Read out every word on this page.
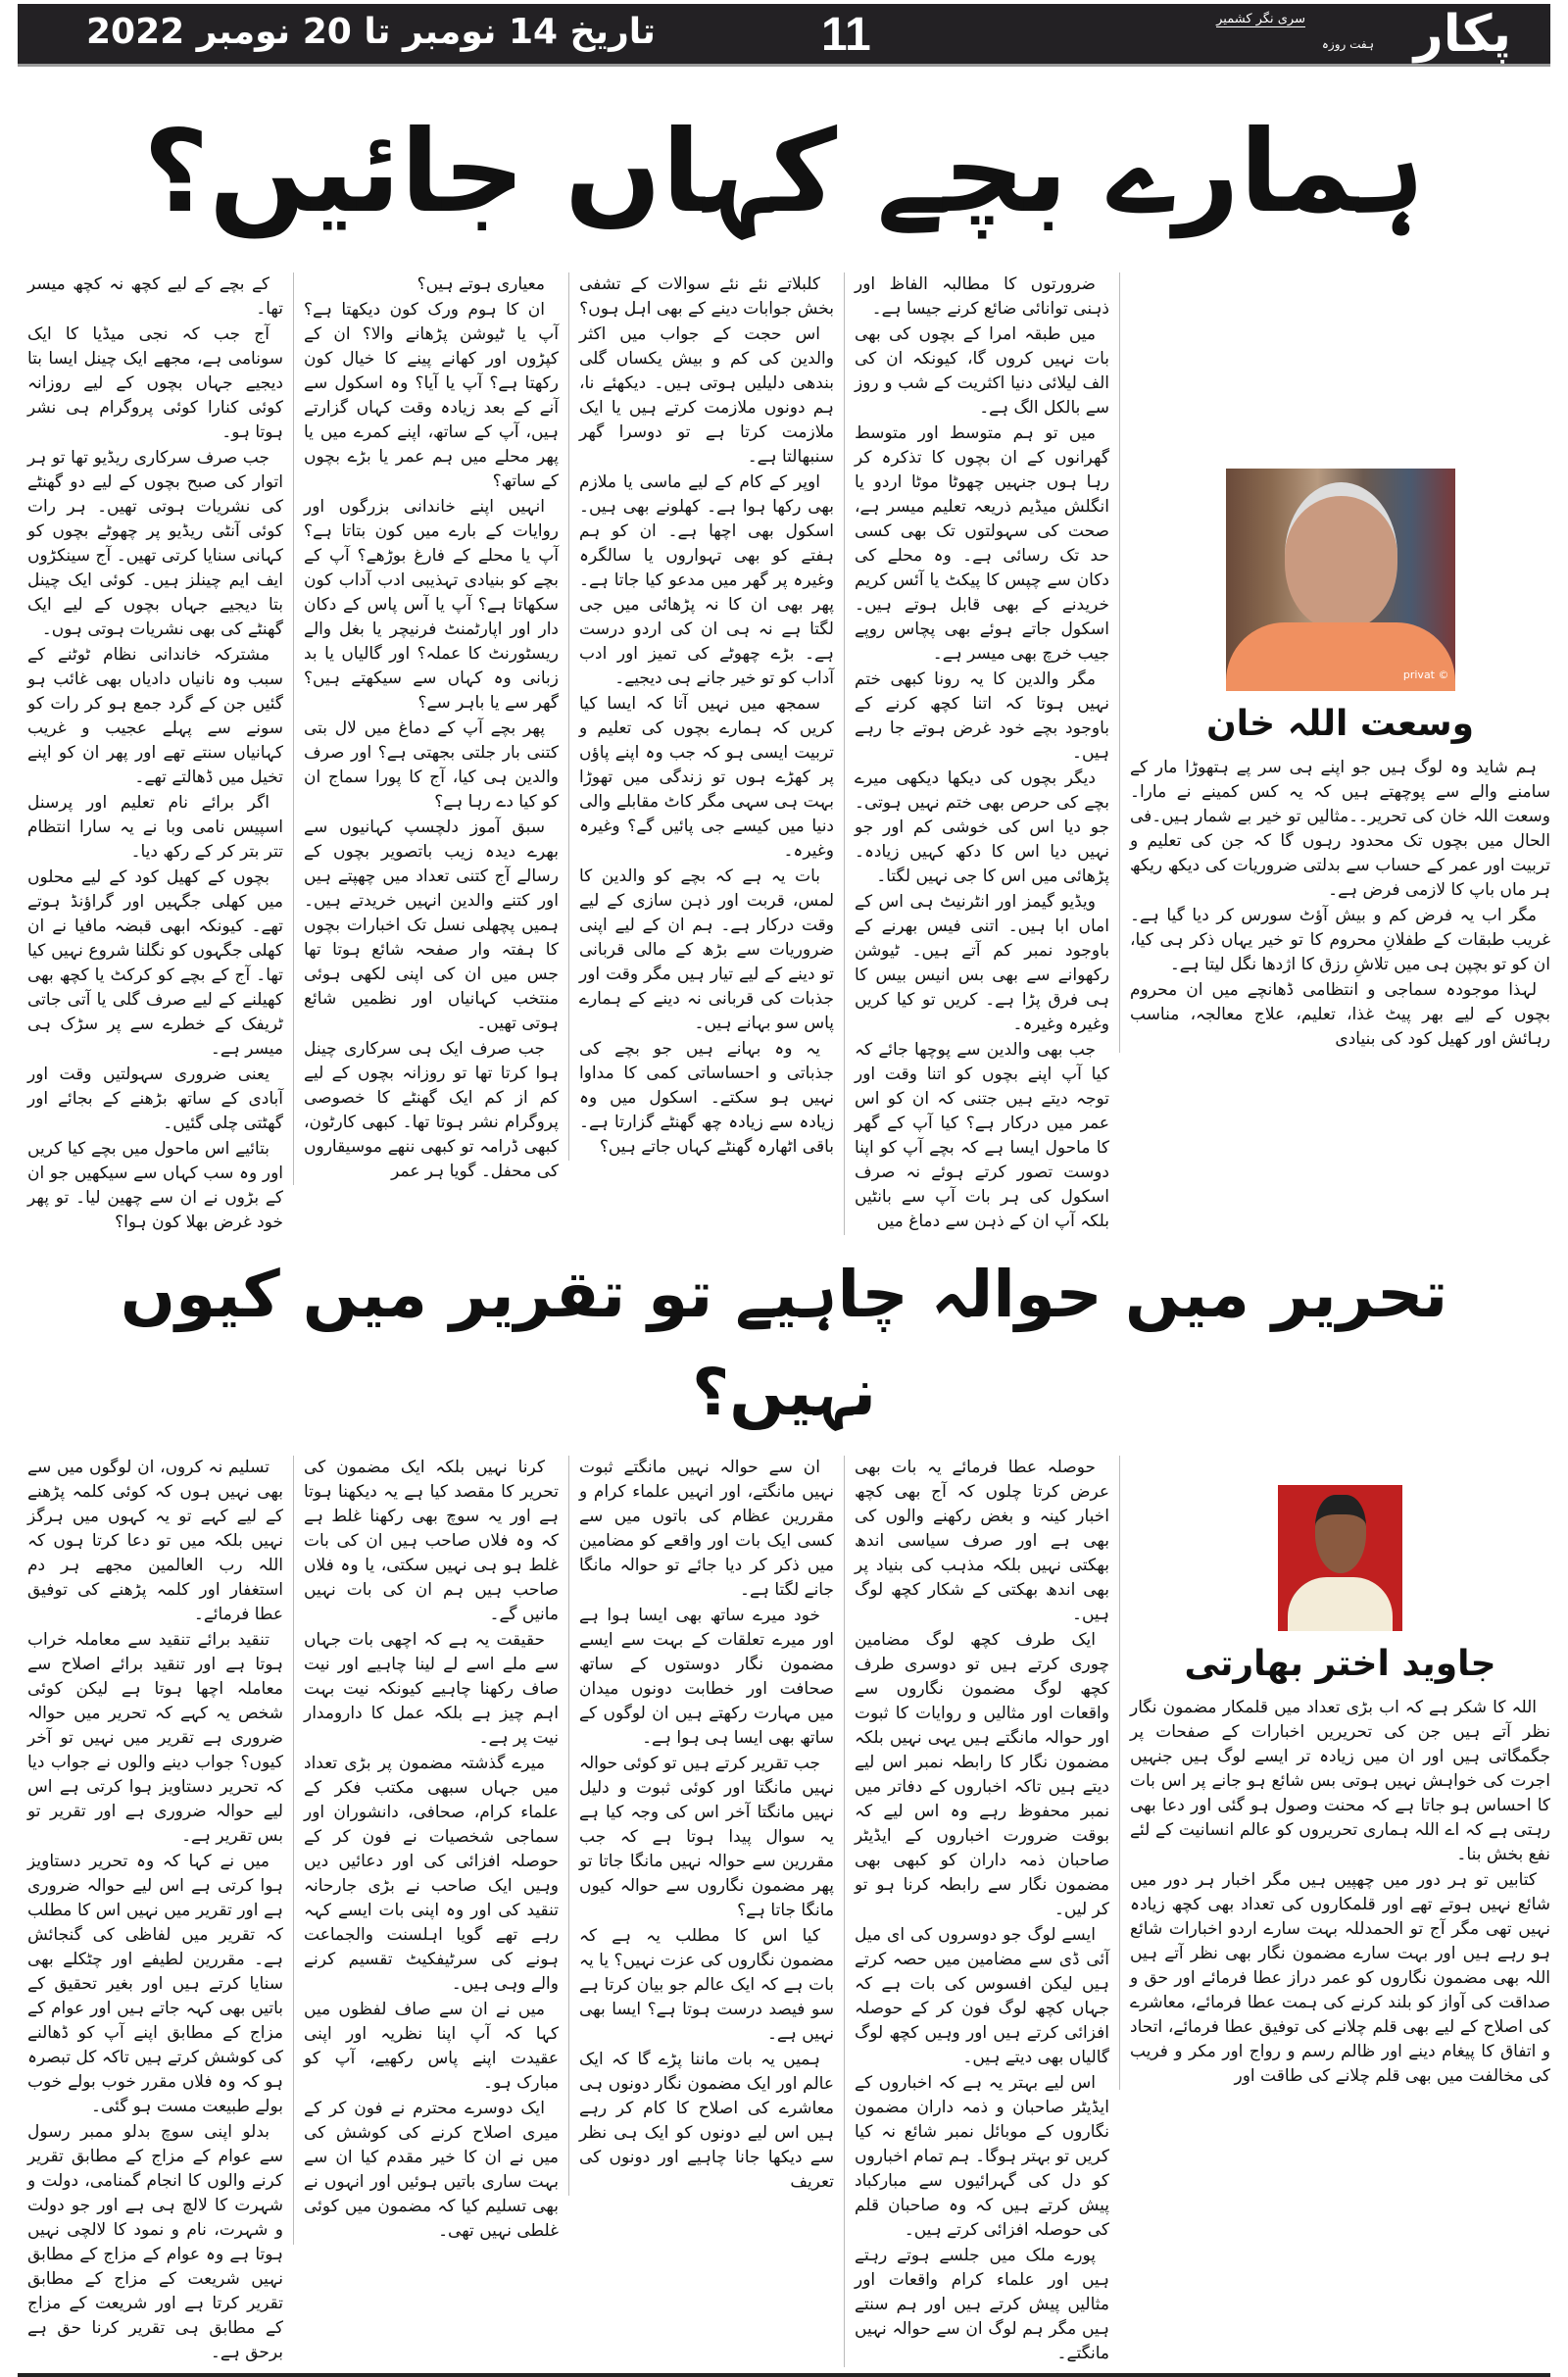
پکار
ہفت روزہ
سری نگر کشمیر
11
تاریخ 14 نومبر تا 20 نومبر 2022
ہمارے بچے کہاں جائیں؟
© privat
وسعت اللہ خان

ہم شاید وہ لوگ ہیں جو اپنے ہی سر پے ہتھوڑا مار کے سامنے والے سے پوچھتے ہیں کہ یہ کس کمینے نے مارا۔ وسعت اللہ خان کی تحریر۔۔مثالیں تو خیر بے شمار ہیں۔فی الحال میں بچوں تک محدود رہوں گا کہ جن کی تعلیم و تربیت اور عمر کے حساب سے بدلتی ضروریات کی دیکھ ریکھ ہر ماں باپ کا لازمی فرض ہے۔

مگر اب یہ فرض کم و بیش آؤٹ سورس کر دیا گیا ہے۔غریب طبقات کے طفلانِ محروم کا تو خیر یہاں ذکر ہی کیا، ان کو تو بچپن ہی میں تلاشِ رزق کا اژدھا نگل لیتا ہے۔

لہذا موجودہ سماجی و انتظامی ڈھانچے میں ان محروم بچوں کے لیے بھر پیٹ غذا، تعلیم، علاج معالجہ، مناسب رہائش اور کھیل کود کی بنیادی

ضرورتوں کا مطالبہ الفاظ اور ذہنی توانائی ضائع کرنے جیسا ہے۔

میں طبقہ امرا کے بچوں کی بھی بات نہیں کروں گا، کیونکہ ان کی الف لیلائی دنیا اکثریت کے شب و روز سے بالکل الگ ہے۔

میں تو ہم متوسط اور متوسط گھرانوں کے ان بچوں کا تذکرہ کر رہا ہوں جنہیں چھوٹا موٹا اردو یا انگلش میڈیم ذریعہ تعلیم میسر ہے، صحت کی سہولتوں تک بھی کسی حد تک رسائی ہے۔ وہ محلے کی دکان سے چپس کا پیکٹ یا آئس کریم خریدنے کے بھی قابل ہوتے ہیں۔ اسکول جاتے ہوئے بھی پچاس روپے جیب خرچ بھی میسر ہے۔

مگر والدین کا یہ رونا کبھی ختم نہیں ہوتا کہ اتنا کچھ کرنے کے باوجود بچے خود غرض ہوتے جا رہے ہیں۔

دیگر بچوں کی دیکھا دیکھی میرے بچے کی حرص بھی ختم نہیں ہوتی۔ جو دیا اس کی خوشی کم اور جو نہیں دیا اس کا دکھ کہیں زیادہ۔ پڑھائی میں اس کا جی نہیں لگتا۔

ویڈیو گیمز اور انٹرنیٹ ہی اس کے اماں ابا ہیں۔ اتنی فیس بھرنے کے باوجود نمبر کم آتے ہیں۔ ٹیوشن رکھوانے سے بھی بس انیس بیس کا ہی فرق پڑا ہے۔ کریں تو کیا کریں وغیرہ وغیرہ۔

جب بھی والدین سے پوچھا جائے کہ کیا آپ اپنے بچوں کو اتنا وقت اور توجہ دیتے ہیں جتنی کہ ان کو اس عمر میں درکار ہے؟ کیا آپ کے گھر کا ماحول ایسا ہے کہ بچے آپ کو اپنا دوست تصور کرتے ہوئے نہ صرف اسکول کی ہر بات آپ سے بانٹیں بلکہ آپ ان کے ذہن سے دماغ میں

کلبلاتے نئے نئے سوالات کے تشفی بخش جوابات دینے کے بھی اہل ہوں؟

اس حجت کے جواب میں اکثر والدین کی کم و بیش یکساں گلی بندھی دلیلیں ہوتی ہیں۔ دیکھئے نا، ہم دونوں ملازمت کرتے ہیں یا ایک ملازمت کرتا ہے تو دوسرا گھر سنبھالتا ہے۔

اوپر کے کام کے لیے ماسی یا ملازم بھی رکھا ہوا ہے۔ کھلونے بھی ہیں۔ اسکول بھی اچھا ہے۔ ان کو ہم ہفتے کو بھی تہواروں یا سالگرہ وغیرہ پر گھر میں مدعو کیا جاتا ہے۔ پھر بھی ان کا نہ پڑھائی میں جی لگتا ہے نہ ہی ان کی اردو درست ہے۔ بڑے چھوٹے کی تمیز اور ادب آداب کو تو خیر جانے ہی دیجیے۔

سمجھ میں نہیں آتا کہ ایسا کیا کریں کہ ہمارے بچوں کی تعلیم و تربیت ایسی ہو کہ جب وہ اپنے پاؤں پر کھڑے ہوں تو زندگی میں تھوڑا بہت ہی سہی مگر کاٹ مقابلے والی دنیا میں کیسے جی پائیں گے؟ وغیرہ وغیرہ۔

بات یہ ہے کہ بچے کو والدین کا لمس، قربت اور ذہن سازی کے لیے وقت درکار ہے۔ ہم ان کے لیے اپنی ضروریات سے بڑھ کے مالی قربانی تو دینے کے لیے تیار ہیں مگر وقت اور جذبات کی قربانی نہ دینے کے ہمارے پاس سو بہانے ہیں۔

یہ وہ بہانے ہیں جو بچے کی جذباتی و احساساتی کمی کا مداوا نہیں ہو سکتے۔ اسکول میں وہ زیادہ سے زیادہ چھ گھنٹے گزارتا ہے۔ باقی اٹھارہ گھنٹے کہاں جاتے ہیں؟

معیاری ہوتے ہیں؟

ان کا ہوم ورک کون دیکھتا ہے؟ آپ یا ٹیوشن پڑھانے والا؟ ان کے کپڑوں اور کھانے پینے کا خیال کون رکھتا ہے؟ آپ یا آیا؟ وہ اسکول سے آنے کے بعد زیادہ وقت کہاں گزارتے ہیں، آپ کے ساتھ، اپنے کمرے میں یا پھر محلے میں ہم عمر یا بڑے بچوں کے ساتھ؟

انہیں اپنے خاندانی بزرگوں اور روایات کے بارے میں کون بتاتا ہے؟ آپ یا محلے کے فارغ بوڑھے؟ آپ کے بچے کو بنیادی تہذیبی ادب آداب کون سکھاتا ہے؟ آپ یا آس پاس کے دکان دار اور اپارٹمنٹ فرنیچر یا بغل والے ریسٹورنٹ کا عملہ؟ اور گالیاں یا بد زبانی وہ کہاں سے سیکھتے ہیں؟ گھر سے یا باہر سے؟

پھر بچے آپ کے دماغ میں لال بتی کتنی بار جلتی بجھتی ہے؟ اور صرف والدین ہی کیا، آج کا پورا سماج ان کو کیا دے رہا ہے؟

سبق آموز دلچسپ کہانیوں سے بھرے دیدہ زیب باتصویر بچوں کے رسالے آج کتنی تعداد میں چھپتے ہیں اور کتنے والدین انہیں خریدتے ہیں۔ ہمیں پچھلی نسل تک اخبارات بچوں کا ہفتہ وار صفحہ شائع ہوتا تھا جس میں ان کی اپنی لکھی ہوئی منتخب کہانیاں اور نظمیں شائع ہوتی تھیں۔

جب صرف ایک ہی سرکاری چینل ہوا کرتا تھا تو روزانہ بچوں کے لیے کم از کم ایک گھنٹے کا خصوصی پروگرام نشر ہوتا تھا۔ کبھی کارٹون، کبھی ڈرامہ تو کبھی ننھے موسیقاروں کی محفل۔ گویا ہر عمر

کے بچے کے لیے کچھ نہ کچھ میسر تھا۔

آج جب کہ نجی میڈیا کا ایک سونامی ہے، مجھے ایک چینل ایسا بتا دیجیے جہاں بچوں کے لیے روزانہ کوئی کنارا کوئی پروگرام ہی نشر ہوتا ہو۔

جب صرف سرکاری ریڈیو تھا تو ہر اتوار کی صبح بچوں کے لیے دو گھنٹے کی نشریات ہوتی تھیں۔ ہر رات کوئی آنٹی ریڈیو پر چھوٹے بچوں کو کہانی سنایا کرتی تھیں۔ آج سینکڑوں ایف ایم چینلز ہیں۔ کوئی ایک چینل بتا دیجیے جہاں بچوں کے لیے ایک گھنٹے کی بھی نشریات ہوتی ہوں۔

مشترکہ خاندانی نظام ٹوٹنے کے سبب وہ نانیاں دادیاں بھی غائب ہو گئیں جن کے گرد جمع ہو کر رات کو سونے سے پہلے عجیب و غریب کہانیاں سنتے تھے اور پھر ان کو اپنے تخیل میں ڈھالتے تھے۔

اگر برائے نام تعلیم اور پرسنل اسپیس نامی وبا نے یہ سارا انتظام تتر بتر کر کے رکھ دیا۔

بچوں کے کھیل کود کے لیے محلوں میں کھلی جگہیں اور گراؤنڈ ہوتے تھے۔ کیونکہ ابھی قبضہ مافیا نے ان کھلی جگہوں کو نگلنا شروع نہیں کیا تھا۔ آج کے بچے کو کرکٹ یا کچھ بھی کھیلنے کے لیے صرف گلی یا آتی جاتی ٹریفک کے خطرے سے پر سڑک ہی میسر ہے۔

یعنی ضروری سہولتیں وقت اور آبادی کے ساتھ بڑھنے کے بجائے اور گھٹتی چلی گئیں۔

بتائیے اس ماحول میں بچے کیا کریں اور وہ سب کہاں سے سیکھیں جو ان کے بڑوں نے ان سے چھین لیا۔ تو پھر خود غرض بھلا کون ہوا؟

تحریر میں حوالہ چاہیے تو تقریر میں کیوں نہیں؟
جاوید اختر بھارتی

اللہ کا شکر ہے کہ اب بڑی تعداد میں قلمکار مضمون نگار نظر آتے ہیں جن کی تحریریں اخبارات کے صفحات پر جگمگاتی ہیں اور ان میں زیادہ تر ایسے لوگ ہیں جنہیں اجرت کی خواہش نہیں ہوتی بس شائع ہو جانے پر اس بات کا احساس ہو جاتا ہے کہ محنت وصول ہو گئی اور دعا بھی رہتی ہے کہ اے اللہ ہماری تحریروں کو عالم انسانیت کے لئے نفع بخش بنا۔

کتابیں تو ہر دور میں چھپیں ہیں مگر اخبار ہر دور میں شائع نہیں ہوتے تھے اور قلمکاروں کی تعداد بھی کچھ زیادہ نہیں تھی مگر آج تو الحمدللہ بہت سارے اردو اخبارات شائع ہو رہے ہیں اور بہت سارے مضمون نگار بھی نظر آتے ہیں اللہ بھی مضمون نگاروں کو عمر دراز عطا فرمائے اور حق و صداقت کی آواز کو بلند کرنے کی ہمت عطا فرمائے، معاشرے کی اصلاح کے لیے بھی قلم چلانے کی توفیق عطا فرمائے، اتحاد و اتفاق کا پیغام دینے اور ظالم رسم و رواج اور مکر و فریب کی مخالفت میں بھی قلم چلانے کی طاقت اور

حوصلہ عطا فرمائے یہ بات بھی عرض کرتا چلوں کہ آج بھی کچھ اخبار کینہ و بغض رکھنے والوں کی بھی ہے اور صرف سیاسی اندھ بھکتی نہیں بلکہ مذہب کی بنیاد پر بھی اندھ بھکتی کے شکار کچھ لوگ ہیں۔

ایک طرف کچھ لوگ مضامین چوری کرتے ہیں تو دوسری طرف کچھ لوگ مضمون نگاروں سے واقعات اور مثالیں و روایات کا ثبوت اور حوالہ مانگتے ہیں یہی نہیں بلکہ مضمون نگار کا رابطہ نمبر اس لیے دیتے ہیں تاکہ اخباروں کے دفاتر میں نمبر محفوظ رہے وہ اس لیے کہ بوقت ضرورت اخباروں کے ایڈیٹر صاحبان ذمہ داران کو کبھی بھی مضمون نگار سے رابطہ کرنا ہو تو کر لیں۔

ایسے لوگ جو دوسروں کی ای میل آئی ڈی سے مضامین میں حصہ کرتے ہیں لیکن افسوس کی بات ہے کہ جہاں کچھ لوگ فون کر کے حوصلہ افزائی کرتے ہیں اور وہیں کچھ لوگ گالیاں بھی دیتے ہیں۔

اس لیے بہتر یہ ہے کہ اخباروں کے ایڈیٹر صاحبان و ذمہ داران مضمون نگاروں کے موبائل نمبر شائع نہ کیا کریں تو بہتر ہوگا۔ ہم تمام اخباروں کو دل کی گہرائیوں سے مبارکباد پیش کرتے ہیں کہ وہ صاحبان قلم کی حوصلہ افزائی کرتے ہیں۔

پورے ملک میں جلسے ہوتے رہتے ہیں اور علماء کرام واقعات اور مثالیں پیش کرتے ہیں اور ہم سنتے ہیں مگر ہم لوگ ان سے حوالہ نہیں مانگتے۔

ان سے حوالہ نہیں مانگتے ثبوت نہیں مانگتے، اور انہیں علماء کرام و مقررین عظام کی باتوں میں سے کسی ایک بات اور واقعے کو مضامین میں ذکر کر دیا جائے تو حوالہ مانگا جانے لگتا ہے۔

خود میرے ساتھ بھی ایسا ہوا ہے اور میرے تعلقات کے بہت سے ایسے مضمون نگار دوستوں کے ساتھ صحافت اور خطابت دونوں میدان میں مہارت رکھتے ہیں ان لوگوں کے ساتھ بھی ایسا ہی ہوا ہے۔

جب تقریر کرتے ہیں تو کوئی حوالہ نہیں مانگتا اور کوئی ثبوت و دلیل نہیں مانگتا آخر اس کی وجہ کیا ہے یہ سوال پیدا ہوتا ہے کہ جب مقررین سے حوالہ نہیں مانگا جاتا تو پھر مضمون نگاروں سے حوالہ کیوں مانگا جاتا ہے؟

کیا اس کا مطلب یہ ہے کہ مضمون نگاروں کی عزت نہیں؟ یا یہ بات ہے کہ ایک عالم جو بیان کرتا ہے سو فیصد درست ہوتا ہے؟ ایسا بھی نہیں ہے۔

ہمیں یہ بات ماننا پڑے گا کہ ایک عالم اور ایک مضمون نگار دونوں ہی معاشرے کی اصلاح کا کام کر رہے ہیں اس لیے دونوں کو ایک ہی نظر سے دیکھا جانا چاہیے اور دونوں کی تعریف

کرنا نہیں بلکہ ایک مضمون کی تحریر کا مقصد کیا ہے یہ دیکھنا ہوتا ہے اور یہ سوچ بھی رکھنا غلط ہے کہ وہ فلاں صاحب ہیں ان کی بات غلط ہو ہی نہیں سکتی، یا وہ فلاں صاحب ہیں ہم ان کی بات نہیں مانیں گے۔

حقیقت یہ ہے کہ اچھی بات جہاں سے ملے اسے لے لینا چاہیے اور نیت صاف رکھنا چاہیے کیونکہ نیت بہت اہم چیز ہے بلکہ عمل کا دارومدار نیت پر ہے۔

میرے گذشتہ مضمون پر بڑی تعداد میں جہاں سبھی مکتب فکر کے علماء کرام، صحافی، دانشوران اور سماجی شخصیات نے فون کر کے حوصلہ افزائی کی اور دعائیں دیں وہیں ایک صاحب نے بڑی جارحانہ تنقید کی اور وہ اپنی بات ایسے کہہ رہے تھے گویا اہلسنت والجماعت ہونے کی سرٹیفکیٹ تقسیم کرنے والے وہی ہیں۔

میں نے ان سے صاف لفظوں میں کہا کہ آپ اپنا نظریہ اور اپنی عقیدت اپنے پاس رکھیے، آپ کو مبارک ہو۔

ایک دوسرے محترم نے فون کر کے میری اصلاح کرنے کی کوشش کی میں نے ان کا خیر مقدم کیا ان سے بہت ساری باتیں ہوئیں اور انہوں نے بھی تسلیم کیا کہ مضمون میں کوئی غلطی نہیں تھی۔

تسلیم نہ کروں، ان لوگوں میں سے بھی نہیں ہوں کہ کوئی کلمہ پڑھنے کے لیے کہے تو یہ کہوں میں ہرگز نہیں بلکہ میں تو دعا کرتا ہوں کہ اللہ رب العالمین مجھے ہر دم استغفار اور کلمہ پڑھنے کی توفیق عطا فرمائے۔

تنقید برائے تنقید سے معاملہ خراب ہوتا ہے اور تنقید برائے اصلاح سے معاملہ اچھا ہوتا ہے لیکن کوئی شخص یہ کہے کہ تحریر میں حوالہ ضروری ہے تقریر میں نہیں تو آخر کیوں؟ جواب دینے والوں نے جواب دیا کہ تحریر دستاویز ہوا کرتی ہے اس لیے حوالہ ضروری ہے اور تقریر تو بس تقریر ہے۔

میں نے کہا کہ وہ تحریر دستاویز ہوا کرتی ہے اس لیے حوالہ ضروری ہے اور تقریر میں نہیں اس کا مطلب کہ تقریر میں لفاظی کی گنجائش ہے۔ مقررین لطیفے اور چٹکلے بھی سنایا کرتے ہیں اور بغیر تحقیق کے باتیں بھی کہہ جاتے ہیں اور عوام کے مزاج کے مطابق اپنے آپ کو ڈھالنے کی کوشش کرتے ہیں تاکہ کل تبصرہ ہو کہ وہ فلاں مقرر خوب بولے خوب بولے طبیعت مست ہو گئی۔

بدلو اپنی سوچ بدلو ممبر رسول سے عوام کے مزاج کے مطابق تقریر کرنے والوں کا انجام گمنامی، دولت و شہرت کا لالچ ہی ہے اور جو دولت و شہرت، نام و نمود کا لالچی نہیں ہوتا ہے وہ عوام کے مزاج کے مطابق نہیں شریعت کے مزاج کے مطابق تقریر کرتا ہے اور شریعت کے مزاج کے مطابق ہی تقریر کرنا حق ہے برحق ہے۔
